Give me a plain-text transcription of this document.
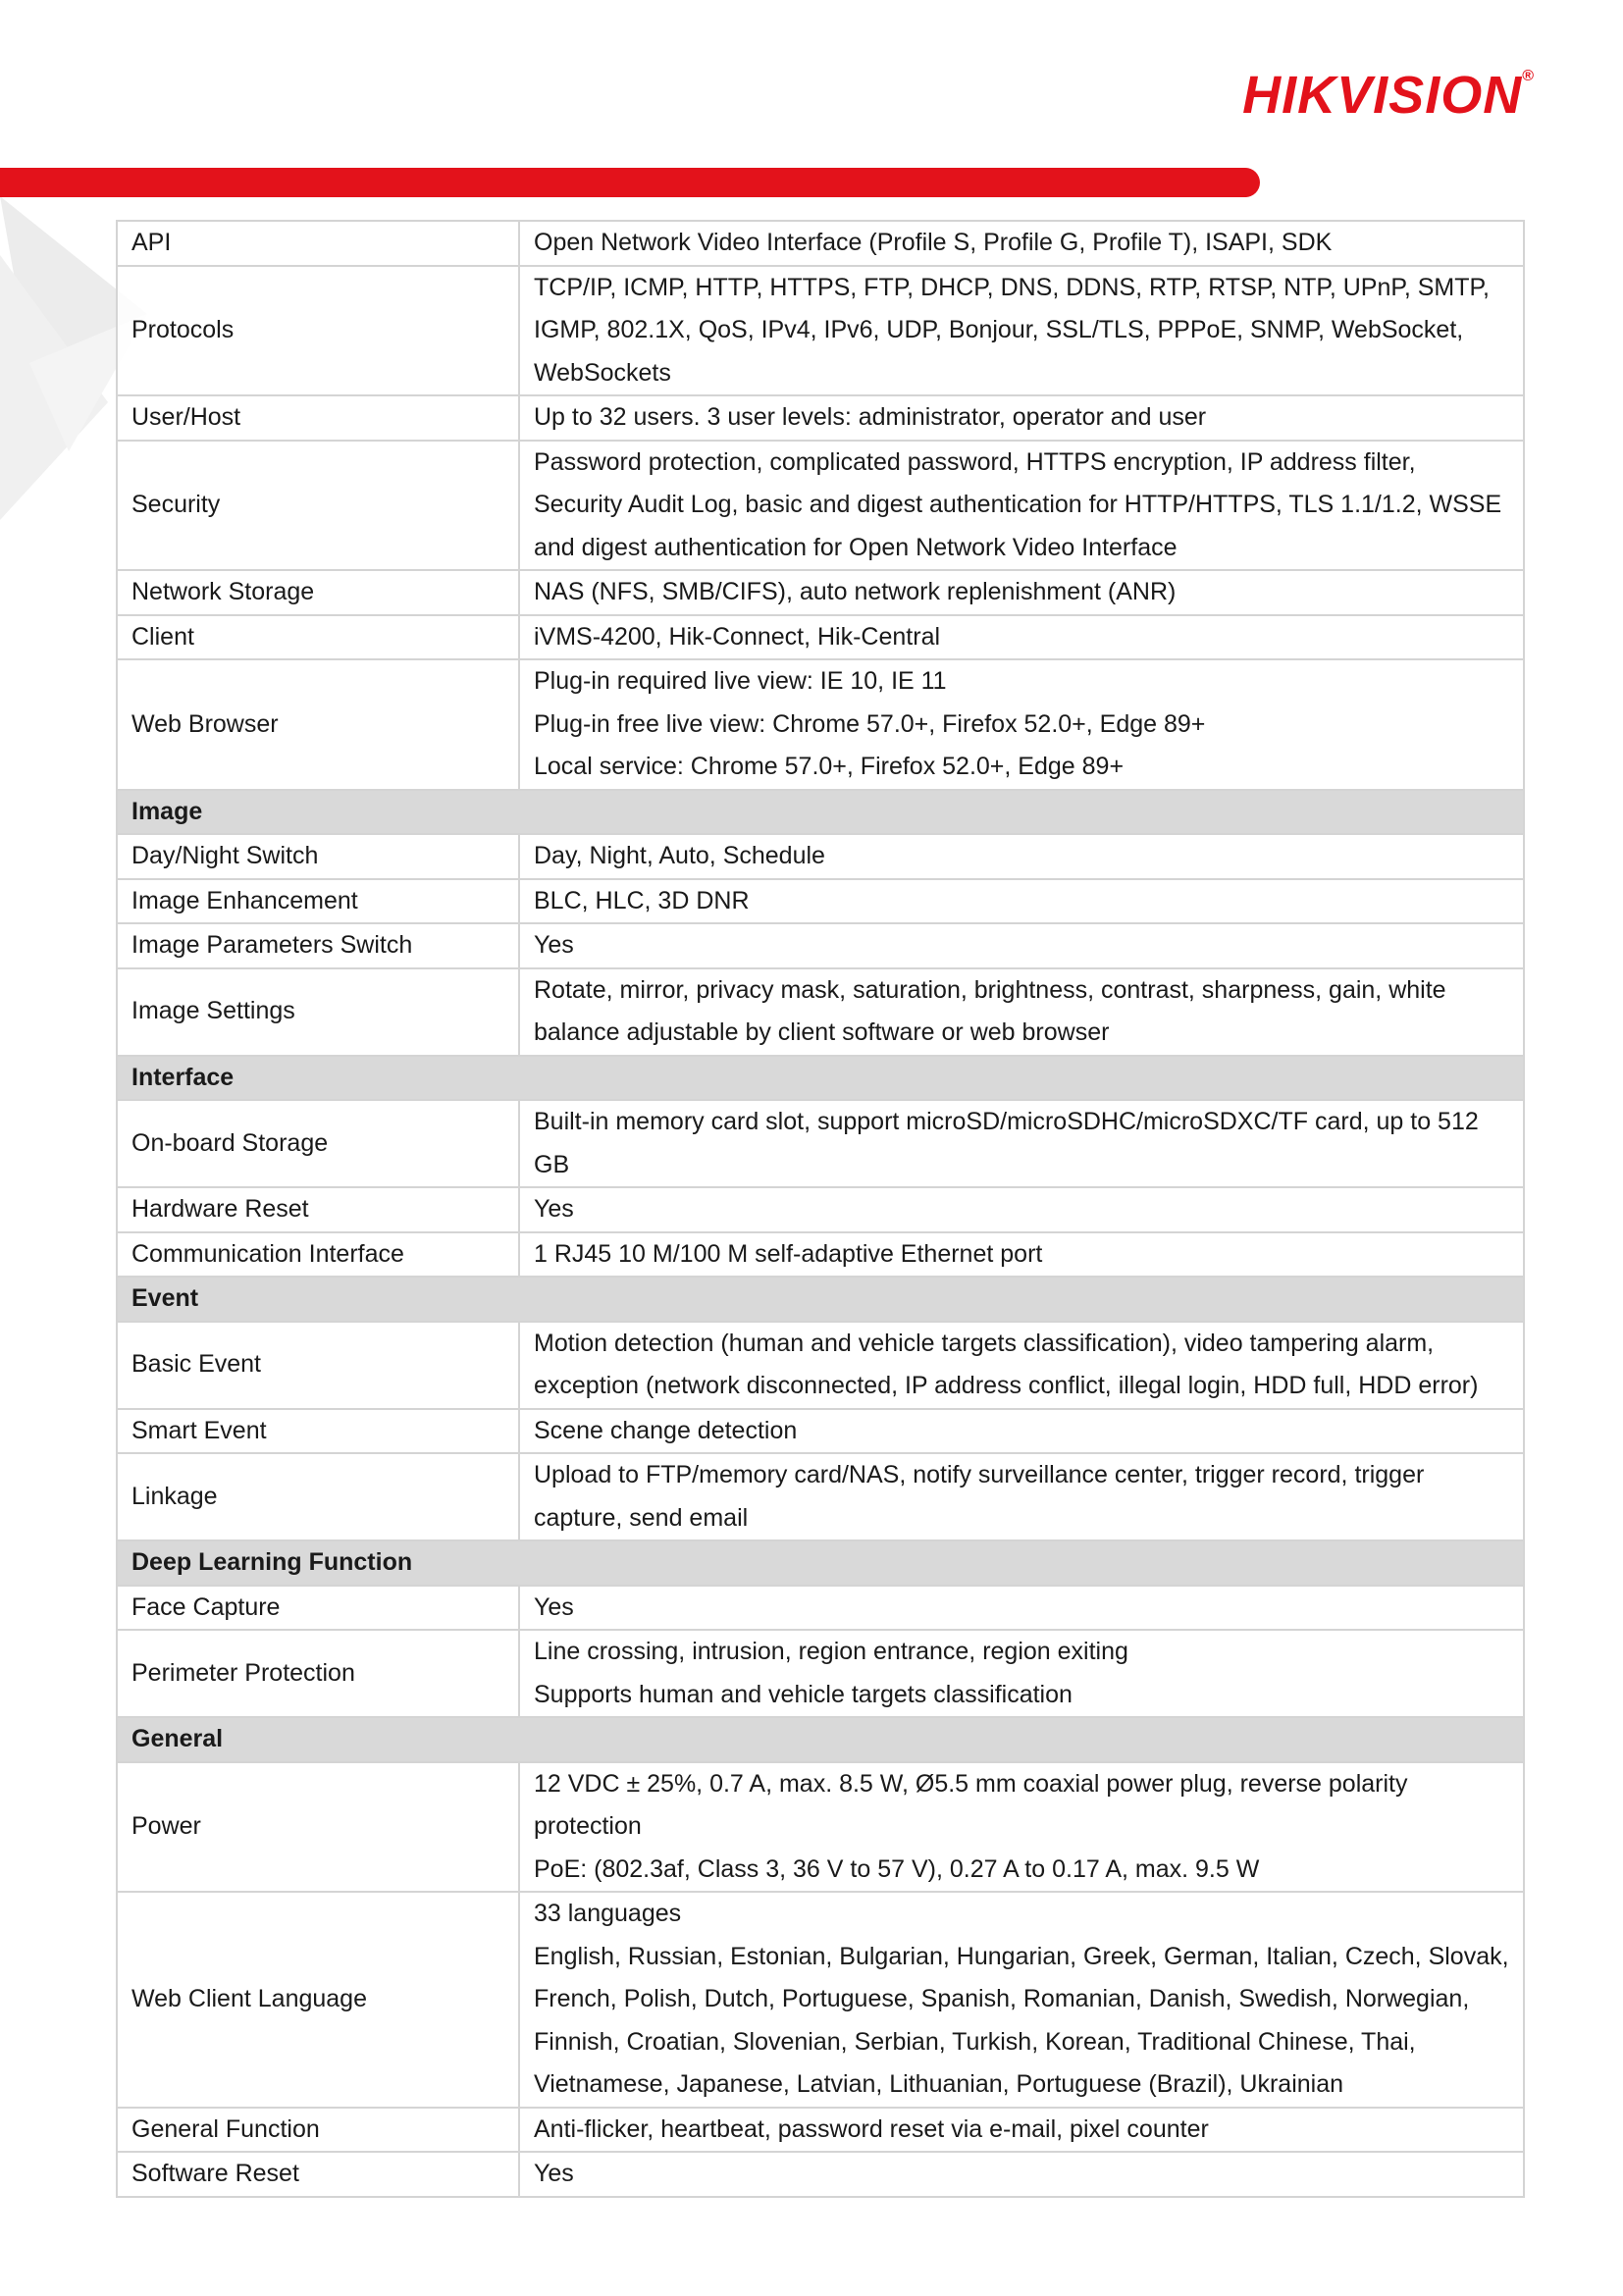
HIKVISION®
API	Open Network Video Interface (Profile S, Profile G, Profile T), ISAPI, SDK

Protocols	TCP/IP, ICMP, HTTP, HTTPS, FTP, DHCP, DNS, DDNS, RTP, RTSP, NTP, UPnP, SMTP,
IGMP, 802.1X, QoS, IPv4, IPv6, UDP, Bonjour, SSL/TLS, PPPoE, SNMP, WebSocket,
WebSockets

User/Host	Up to 32 users. 3 user levels: administrator, operator and user

Security	Password protection, complicated password, HTTPS encryption, IP address filter,
Security Audit Log, basic and digest authentication for HTTP/HTTPS, TLS 1.1/1.2, WSSE
and digest authentication for Open Network Video Interface

Network Storage	NAS (NFS, SMB/CIFS), auto network replenishment (ANR)

Client	iVMS-4200, Hik-Connect, Hik-Central

Web Browser	Plug-in required live view: IE 10, IE 11
Plug-in free live view: Chrome 57.0+, Firefox 52.0+, Edge 89+
Local service: Chrome 57.0+, Firefox 52.0+, Edge 89+

Image	
Day/Night Switch	Day, Night, Auto, Schedule

Image Enhancement	BLC, HLC, 3D DNR

Image Parameters Switch	Yes

Image Settings	Rotate, mirror, privacy mask, saturation, brightness, contrast, sharpness, gain, white
balance adjustable by client software or web browser

Interface	
On-board Storage	Built-in memory card slot, support microSD/microSDHC/microSDXC/TF card, up to 512
GB

Hardware Reset	Yes

Communication Interface	1 RJ45 10 M/100 M self-adaptive Ethernet port

Event	
Basic Event	Motion detection (human and vehicle targets classification), video tampering alarm,
exception (network disconnected, IP address conflict, illegal login, HDD full, HDD error)

Smart Event	Scene change detection

Linkage	Upload to FTP/memory card/NAS, notify surveillance center, trigger record, trigger
capture, send email

Deep Learning Function	
Face Capture	Yes

Perimeter Protection	Line crossing, intrusion, region entrance, region exiting
Supports human and vehicle targets classification

General	
Power	12 VDC ± 25%, 0.7 A, max. 8.5 W, Ø5.5 mm coaxial power plug, reverse polarity
protection
PoE: (802.3af, Class 3, 36 V to 57 V), 0.27 A to 0.17 A, max. 9.5 W

Web Client Language	33 languages
English, Russian, Estonian, Bulgarian, Hungarian, Greek, German, Italian, Czech, Slovak,
French, Polish, Dutch, Portuguese, Spanish, Romanian, Danish, Swedish, Norwegian,
Finnish, Croatian, Slovenian, Serbian, Turkish, Korean, Traditional Chinese, Thai,
Vietnamese, Japanese, Latvian, Lithuanian, Portuguese (Brazil), Ukrainian

General Function	Anti-flicker, heartbeat, password reset via e-mail, pixel counter

Software Reset	Yes
